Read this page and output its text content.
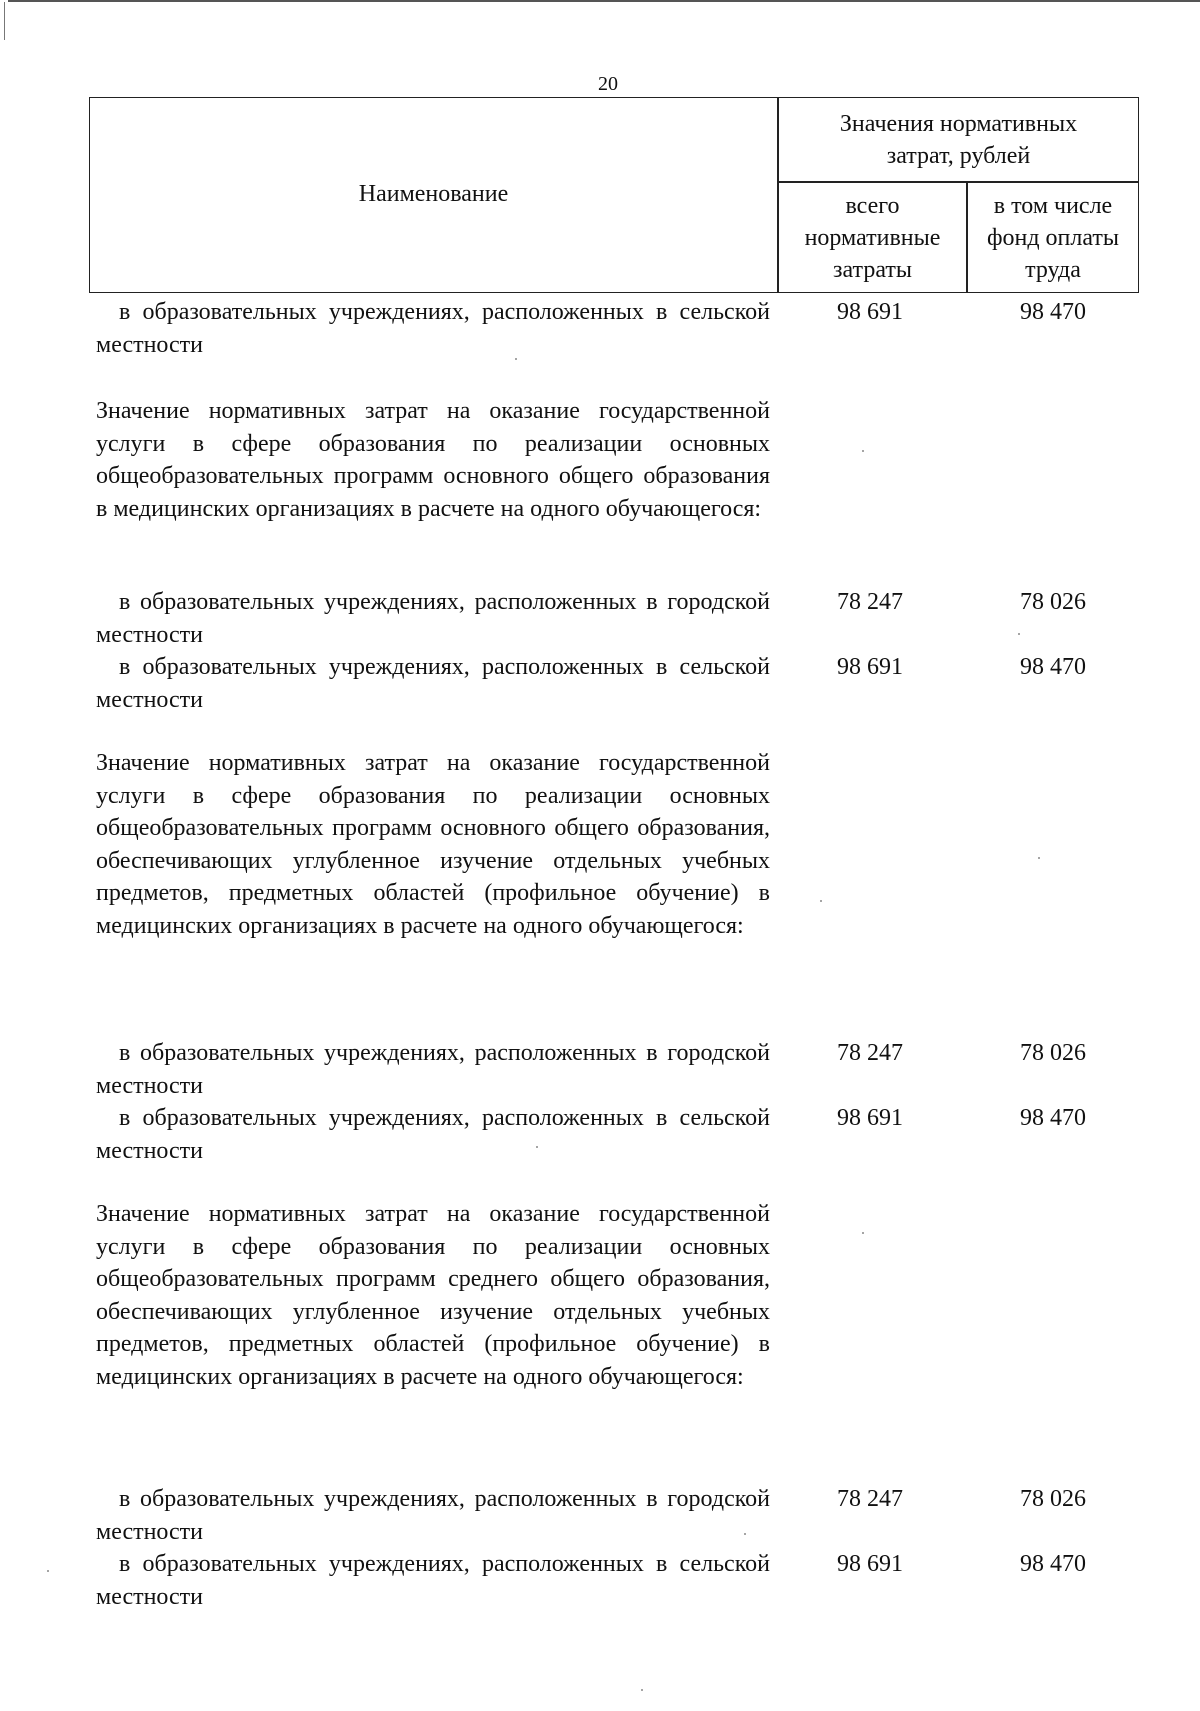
20
Наименование
Значения нормативных
затрат, рублей
всего
нормативные
затраты
в том числе
фонд оплаты
труда
в образовательных учреждениях, расположенных в сельской местности
98 691	98 470
Значение нормативных затрат на оказание государственной услуги в сфере образования по реализации основных общеобразовательных программ основного общего образования в медицинских организациях в расчете на одного обучающегося:
в образовательных учреждениях, расположенных в городской местности
78 247	78 026
в образовательных учреждениях, расположенных в сельской местности
98 691	98 470
Значение нормативных затрат на оказание государственной услуги в сфере образования по реализации основных общеобразовательных программ основного общего образования, обеспечивающих углубленное изучение отдельных учебных предметов, предметных областей (профильное обучение) в медицинских организациях в расчете на одного обучающегося:
в образовательных учреждениях, расположенных в городской местности
78 247	78 026
в образовательных учреждениях, расположенных в сельской местности
98 691	98 470
Значение нормативных затрат на оказание государственной услуги в сфере образования по реализации основных общеобразовательных программ среднего общего образования, обеспечивающих углубленное изучение отдельных учебных предметов, предметных областей (профильное обучение) в медицинских организациях в расчете на одного обучающегося:
в образовательных учреждениях, расположенных в городской местности
78 247	78 026
в образовательных учреждениях, расположенных в сельской местности
98 691	98 470
